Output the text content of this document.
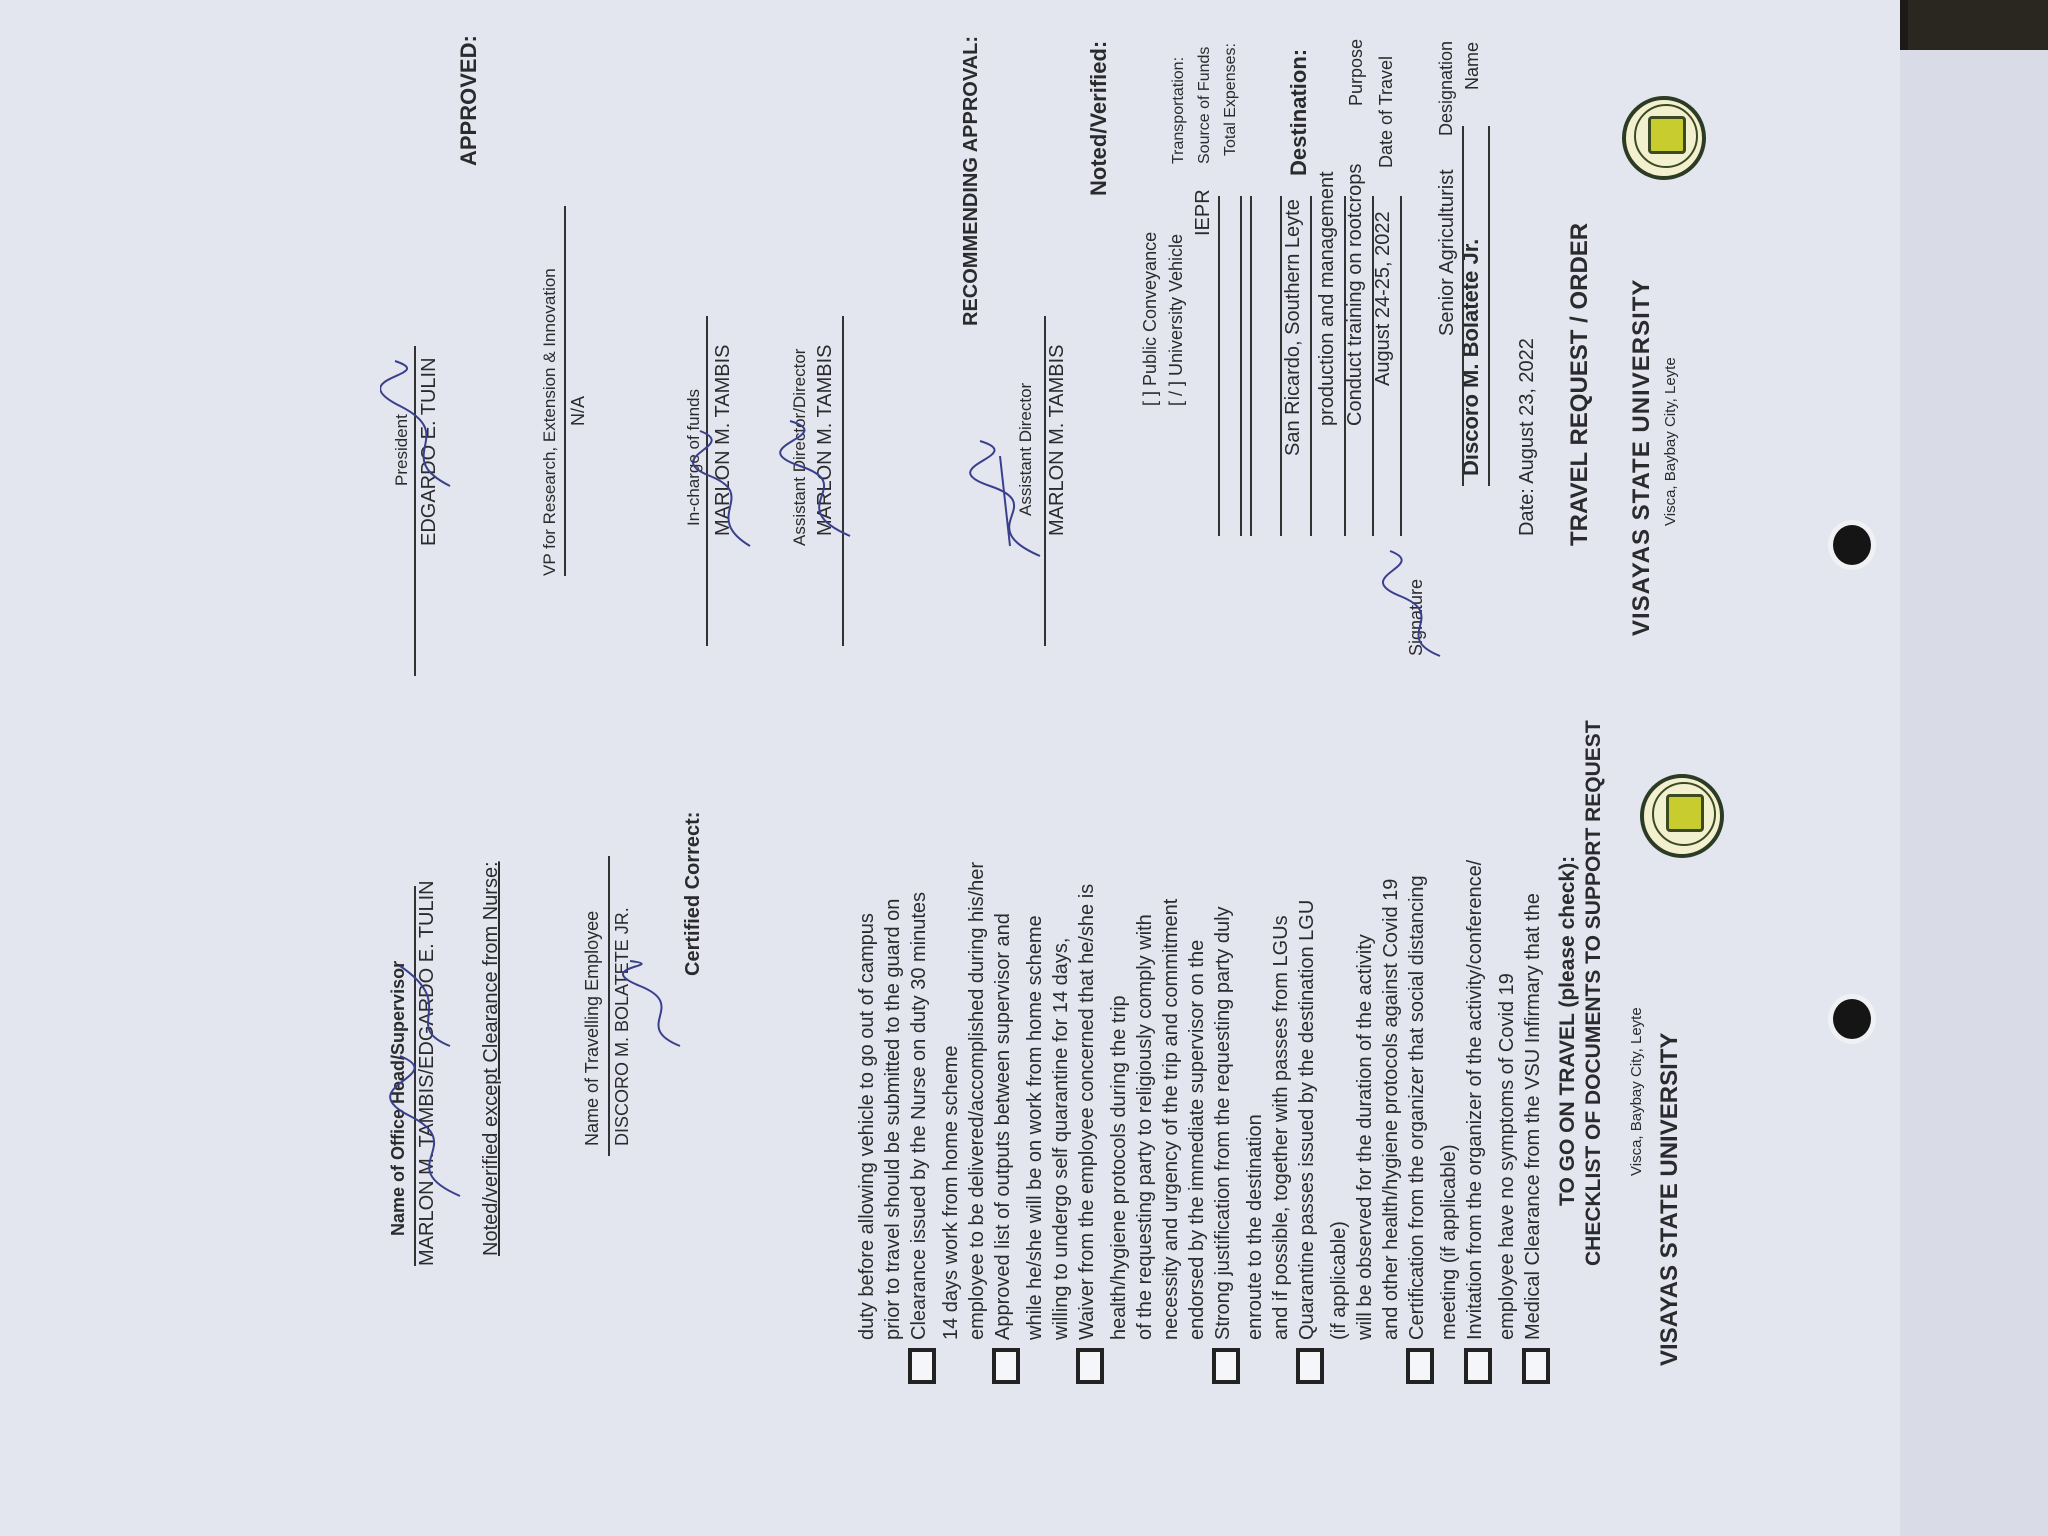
VISAYAS STATE UNIVERSITY Visca, Baybay City, Leyte
TRAVEL REQUEST / ORDER
Date: August 23, 2022
Name
Discoro M. Bolatete Jr.
Designation
Senior Agriculturist
Signature
Date of Travel
August 24-25, 2022
Purpose
Conduct training on rootcrops
production and management
Destination:
San Ricardo, Southern Leyte
Total Expenses:
Source of Funds
IEPR
Transportation:
[ / ] University Vehicle
[ ] Public Conveyance
Noted/Verified:
MARLON M. TAMBIS
Assistant Director
RECOMMENDING APPROVAL:
MARLON M. TAMBIS
Assistant Director/Director
MARLON M. TAMBIS
In-charge of funds
N/A
VP for Research, Extension & Innovation
APPROVED:
EDGARDO E. TULIN
President
VISAYAS STATE UNIVERSITY
Visca, Baybay City, Leyte
CHECKLIST OF DOCUMENTS TO SUPPORT REQUEST
TO GO ON TRAVEL (please check):
Medical Clearance from the VSU Infirmary that the
employee have no symptoms of Covid 19
Invitation from the organizer of the activity/conference/
meeting (if applicable)
Certification from the organizer that social distancing
and other health/hygiene protocols against Covid 19
will be observed for the duration of the activity
(if applicable)
Quarantine passes issued by the destination LGU
and if possible, together with passes from LGUs
enroute to the destination
Strong justification from the requesting party duly
endorsed by the immediate supervisor on the
necessity and urgency of the trip and commitment
of the requesting party to religiously comply with
health/hygiene protocols during the trip
Waiver from the employee concerned that he/she is
willing to undergo self quarantine for 14 days,
while he/she will be on work from home scheme
Approved list of outputs between supervisor and
employee to be delivered/accomplished during his/her
14 days work from home scheme
Clearance issued by the Nurse on duty 30 minutes
prior to travel should be submitted to the guard on
duty before allowing vehicle to go out of campus
Certified Correct:
DISCORO M. BOLATETE JR.
Name of Travelling Employee
Noted/verified except Clearance from Nurse:
MARLON M. TAMBIS/EDGARDO E. TULIN
Name of Office Head/Supervisor
